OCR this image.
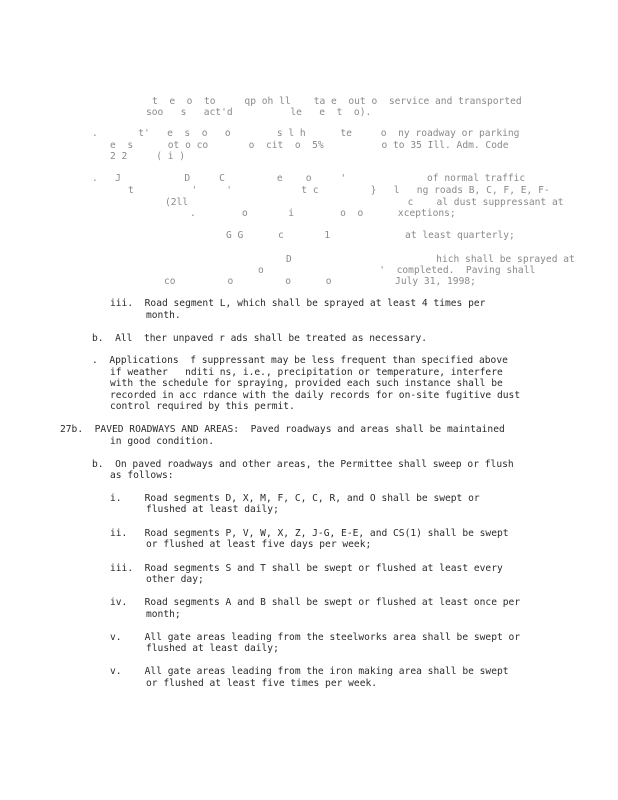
t  e  o  to     qp oh ll    ta e  out o  service and transported
soo   s   act'd          le   e  t  o).
.       t'   e  s  o   o        s l h      te     o  ny roadway or parking
e  s      ot o co       o  cit  o  5%          o to 35 Ill. Adm. Code
2 2     ( i )
.   J           D     C         e    o     '              of normal traffic
t          '     '            t c         }   l   ng roads B, C, F, E, F-
(2ll                                      c    al dust suppressant at
.        o       i        o  o      xceptions;
G G      c       1             at least quarterly;
D                         hich shall be sprayed at
o                    '  completed.  Paving shall
co         o         o      o           July 31, 1998;
iii.  Road segment L, which shall be sprayed at least 4 times per
month.
b.  All  ther unpaved r ads shall be treated as necessary.
.  Applications  f suppressant may be less frequent than specified above
if weather   nditi ns, i.e., precipitation or temperature, interfere
with the schedule for spraying, provided each such instance shall be
recorded in acc rdance with the daily records for on-site fugitive dust
control required by this permit.
27b.  PAVED ROADWAYS AND AREAS:  Paved roadways and areas shall be maintained
in good condition.
b.  On paved roadways and other areas, the Permittee shall sweep or flush
as follows:
i.    Road segments D, X, M, F, C, C, R, and O shall be swept or
flushed at least daily;
ii.   Road segments P, V, W, X, Z, J-G, E-E, and CS(1) shall be swept
or flushed at least five days per week;
iii.  Road segments S and T shall be swept or flushed at least every
other day;
iv.   Road segments A and B shall be swept or flushed at least once per
month;
v.    All gate areas leading from the steelworks area shall be swept or
flushed at least daily;
v.    All gate areas leading from the iron making area shall be swept
or flushed at least five times per week.
